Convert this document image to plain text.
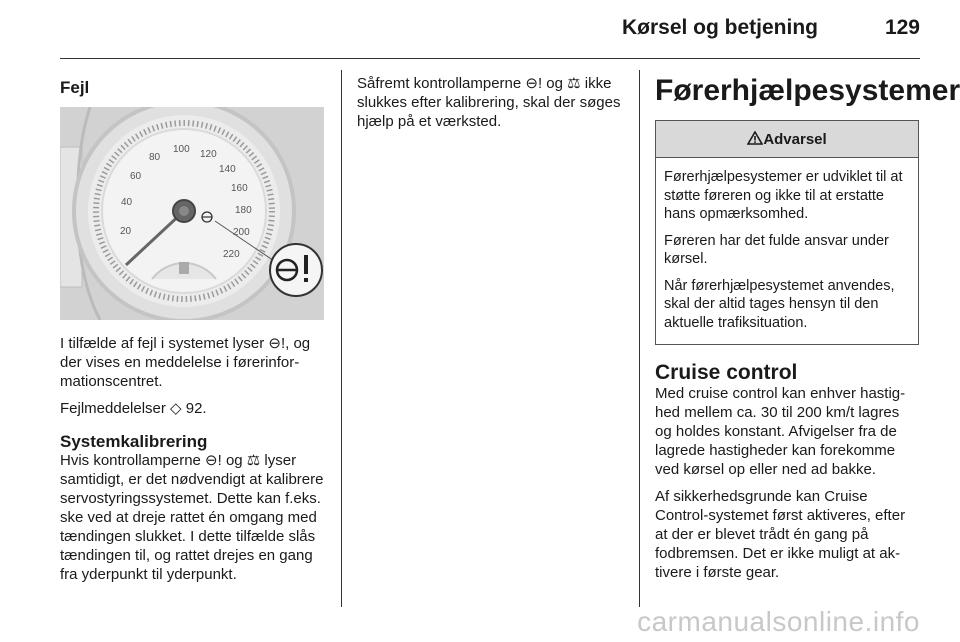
Kørsel og betjening	129
Fejl
20
40
60
80
100 120
140
160
180
200
220

I tilfælde af fejl i systemet lyser ⊖!, og der vises en meddelelse i førerinformationscentret.

Fejlmeddelelser ◇ 92.

Systemkalibrering

Hvis kontrollamperne ⊖! og ⚖ lyser samtidigt, er det nødvendigt at kalibrere servostyringssystemet. Dette kan f.eks. ske ved at dreje rattet én omgang med tændingen slukket. I dette tilfælde slås tændingen til, og rattet drejes en gang fra yderpunkt til yderpunkt.

Såfremt kontrollamperne ⊖! og ⚖ ikke slukkes efter kalibrering, skal der søges hjælp på et værksted.

Førerhjælpesystemer
Advarsel

Førerhjælpesystemer er udviklet til at støtte føreren og ikke til at erstatte hans opmærksomhed.

Føreren har det fulde ansvar under kørsel.

Når førerhjælpesystemet anvendes, skal der altid tages hensyn til den aktuelle trafiksituation.

Cruise control

Med cruise control kan enhver hastighed mellem ca. 30 til 200 km/t lagres og holdes konstant. Afvigelser fra de lagrede hastigheder kan forekomme ved kørsel op eller ned ad bakke.

Af sikkerhedsgrunde kan Cruise Control-systemet først aktiveres, efter at der er blevet trådt én gang på fodbremsen. Det er ikke muligt at aktivere i første gear.

carmanualsonline.info
